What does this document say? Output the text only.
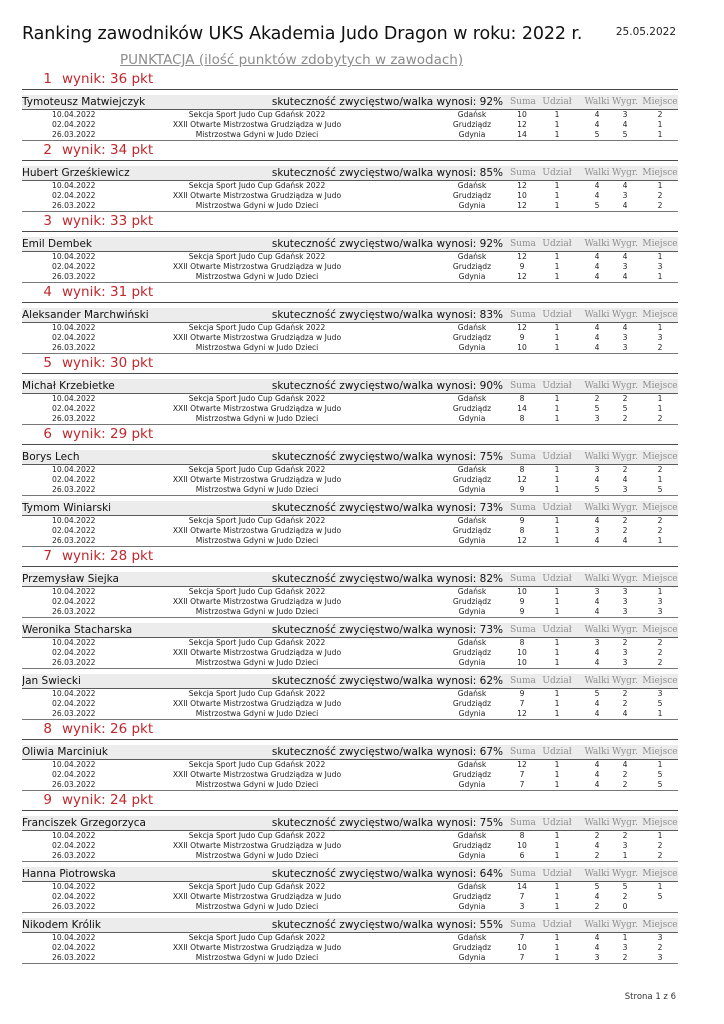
Ranking zawodników UKS Akademia Judo Dragon w roku: 2022 r.	25.05.2022
PUNKTACJA (ilość punktów zdobytych w zawodach)
1 wynik: 36 pkt
Tymoteusz Matwiejczyk	skuteczność zwycięstwo/walka wynosi: 92% Suma Udział Walki Wygr. Miejsce
10.04.2022	Sekcja Sport Judo Cup Gdańsk 2022	Gdańsk	10	1	4	3	2
02.04.2022	XXII Otwarte Mistrzostwa Grudziądza w Judo	Grudziądz	12	1	4	4	1
26.03.2022	Mistrzostwa Gdyni w Judo Dzieci	Gdynia	14	1	5	5	1
2 wynik: 34 pkt
Hubert Grześkiewicz	skuteczność zwycięstwo/walka wynosi: 85% Suma Udział Walki Wygr. Miejsce
10.04.2022	Sekcja Sport Judo Cup Gdańsk 2022	Gdańsk	12	1	4	4	1
02.04.2022	XXII Otwarte Mistrzostwa Grudziądza w Judo	Grudziądz	10	1	4	3	2
26.03.2022	Mistrzostwa Gdyni w Judo Dzieci	Gdynia	12	1	5	4	2
3 wynik: 33 pkt
Emil Dembek	skuteczność zwycięstwo/walka wynosi: 92% Suma Udział Walki Wygr. Miejsce
10.04.2022	Sekcja Sport Judo Cup Gdańsk 2022	Gdańsk	12	1	4	4	1
02.04.2022	XXII Otwarte Mistrzostwa Grudziądza w Judo	Grudziądz	9	1	4	3	3
26.03.2022	Mistrzostwa Gdyni w Judo Dzieci	Gdynia	12	1	4	4	1
4 wynik: 31 pkt
Aleksander Marchwiński	skuteczność zwycięstwo/walka wynosi: 83% Suma Udział Walki Wygr. Miejsce
10.04.2022	Sekcja Sport Judo Cup Gdańsk 2022	Gdańsk	12	1	4	4	1
02.04.2022	XXII Otwarte Mistrzostwa Grudziądza w Judo	Grudziądz	9	1	4	3	3
26.03.2022	Mistrzostwa Gdyni w Judo Dzieci	Gdynia	10	1	4	3	2
5 wynik: 30 pkt
Michał Krzebietke	skuteczność zwycięstwo/walka wynosi: 90% Suma Udział Walki Wygr. Miejsce
10.04.2022	Sekcja Sport Judo Cup Gdańsk 2022	Gdańsk	8	1	2	2	1
02.04.2022	XXII Otwarte Mistrzostwa Grudziądza w Judo	Grudziądz	14	1	5	5	1
26.03.2022	Mistrzostwa Gdyni w Judo Dzieci	Gdynia	8	1	3	2	2
6 wynik: 29 pkt
Borys Lech	skuteczność zwycięstwo/walka wynosi: 75% Suma Udział Walki Wygr. Miejsce
10.04.2022	Sekcja Sport Judo Cup Gdańsk 2022	Gdańsk	8	1	3	2	2
02.04.2022	XXII Otwarte Mistrzostwa Grudziądza w Judo	Grudziądz	12	1	4	4	1
26.03.2022	Mistrzostwa Gdyni w Judo Dzieci	Gdynia	9	1	5	3	5
Tymom Winiarski	skuteczność zwycięstwo/walka wynosi: 73% Suma Udział Walki Wygr. Miejsce
10.04.2022	Sekcja Sport Judo Cup Gdańsk 2022	Gdańsk	9	1	4	2	2
02.04.2022	XXII Otwarte Mistrzostwa Grudziądza w Judo	Grudziądz	8	1	3	2	2
26.03.2022	Mistrzostwa Gdyni w Judo Dzieci	Gdynia	12	1	4	4	1
7 wynik: 28 pkt
Przemysław Siejka	skuteczność zwycięstwo/walka wynosi: 82% Suma Udział Walki Wygr. Miejsce
10.04.2022	Sekcja Sport Judo Cup Gdańsk 2022	Gdańsk	10	1	3	3	1
02.04.2022	XXII Otwarte Mistrzostwa Grudziądza w Judo	Grudziądz	9	1	4	3	3
26.03.2022	Mistrzostwa Gdyni w Judo Dzieci	Gdynia	9	1	4	3	3
Weronika Stacharska	skuteczność zwycięstwo/walka wynosi: 73% Suma Udział Walki Wygr. Miejsce
10.04.2022	Sekcja Sport Judo Cup Gdańsk 2022	Gdańsk	8	1	3	2	2
02.04.2022	XXII Otwarte Mistrzostwa Grudziądza w Judo	Grudziądz	10	1	4	3	2
26.03.2022	Mistrzostwa Gdyni w Judo Dzieci	Gdynia	10	1	4	3	2
Jan Świecki	skuteczność zwycięstwo/walka wynosi: 62% Suma Udział Walki Wygr. Miejsce
10.04.2022	Sekcja Sport Judo Cup Gdańsk 2022	Gdańsk	9	1	5	2	3
02.04.2022	XXII Otwarte Mistrzostwa Grudziądza w Judo	Grudziądz	7	1	4	2	5
26.03.2022	Mistrzostwa Gdyni w Judo Dzieci	Gdynia	12	1	4	4	1
8 wynik: 26 pkt
Oliwia Marciniuk	skuteczność zwycięstwo/walka wynosi: 67% Suma Udział Walki Wygr. Miejsce
10.04.2022	Sekcja Sport Judo Cup Gdańsk 2022	Gdańsk	12	1	4	4	1
02.04.2022	XXII Otwarte Mistrzostwa Grudziądza w Judo	Grudziądz	7	1	4	2	5
26.03.2022	Mistrzostwa Gdyni w Judo Dzieci	Gdynia	7	1	4	2	5
9 wynik: 24 pkt
Franciszek Grzegorzyca	skuteczność zwycięstwo/walka wynosi: 75% Suma Udział Walki Wygr. Miejsce
10.04.2022	Sekcja Sport Judo Cup Gdańsk 2022	Gdańsk	8	1	2	2	1
02.04.2022	XXII Otwarte Mistrzostwa Grudziądza w Judo	Grudziądz	10	1	4	3	2
26.03.2022	Mistrzostwa Gdyni w Judo Dzieci	Gdynia	6	1	2	1	2
Hanna Piotrowska	skuteczność zwycięstwo/walka wynosi: 64% Suma Udział Walki Wygr. Miejsce
10.04.2022	Sekcja Sport Judo Cup Gdańsk 2022	Gdańsk	14	1	5	5	1
02.04.2022	XXII Otwarte Mistrzostwa Grudziądza w Judo	Grudziądz	7	1	4	2	5
26.03.2022	Mistrzostwa Gdyni w Judo Dzieci	Gdynia	3	1	2	0
Nikodem Królik	skuteczność zwycięstwo/walka wynosi: 55% Suma Udział Walki Wygr. Miejsce
10.04.2022	Sekcja Sport Judo Cup Gdańsk 2022	Gdańsk	7	1	4	1	3
02.04.2022	XXII Otwarte Mistrzostwa Grudziądza w Judo	Grudziądz	10	1	4	3	2
26.03.2022	Mistrzostwa Gdyni w Judo Dzieci	Gdynia	7	1	3	2	3
Strona 1 z 6
